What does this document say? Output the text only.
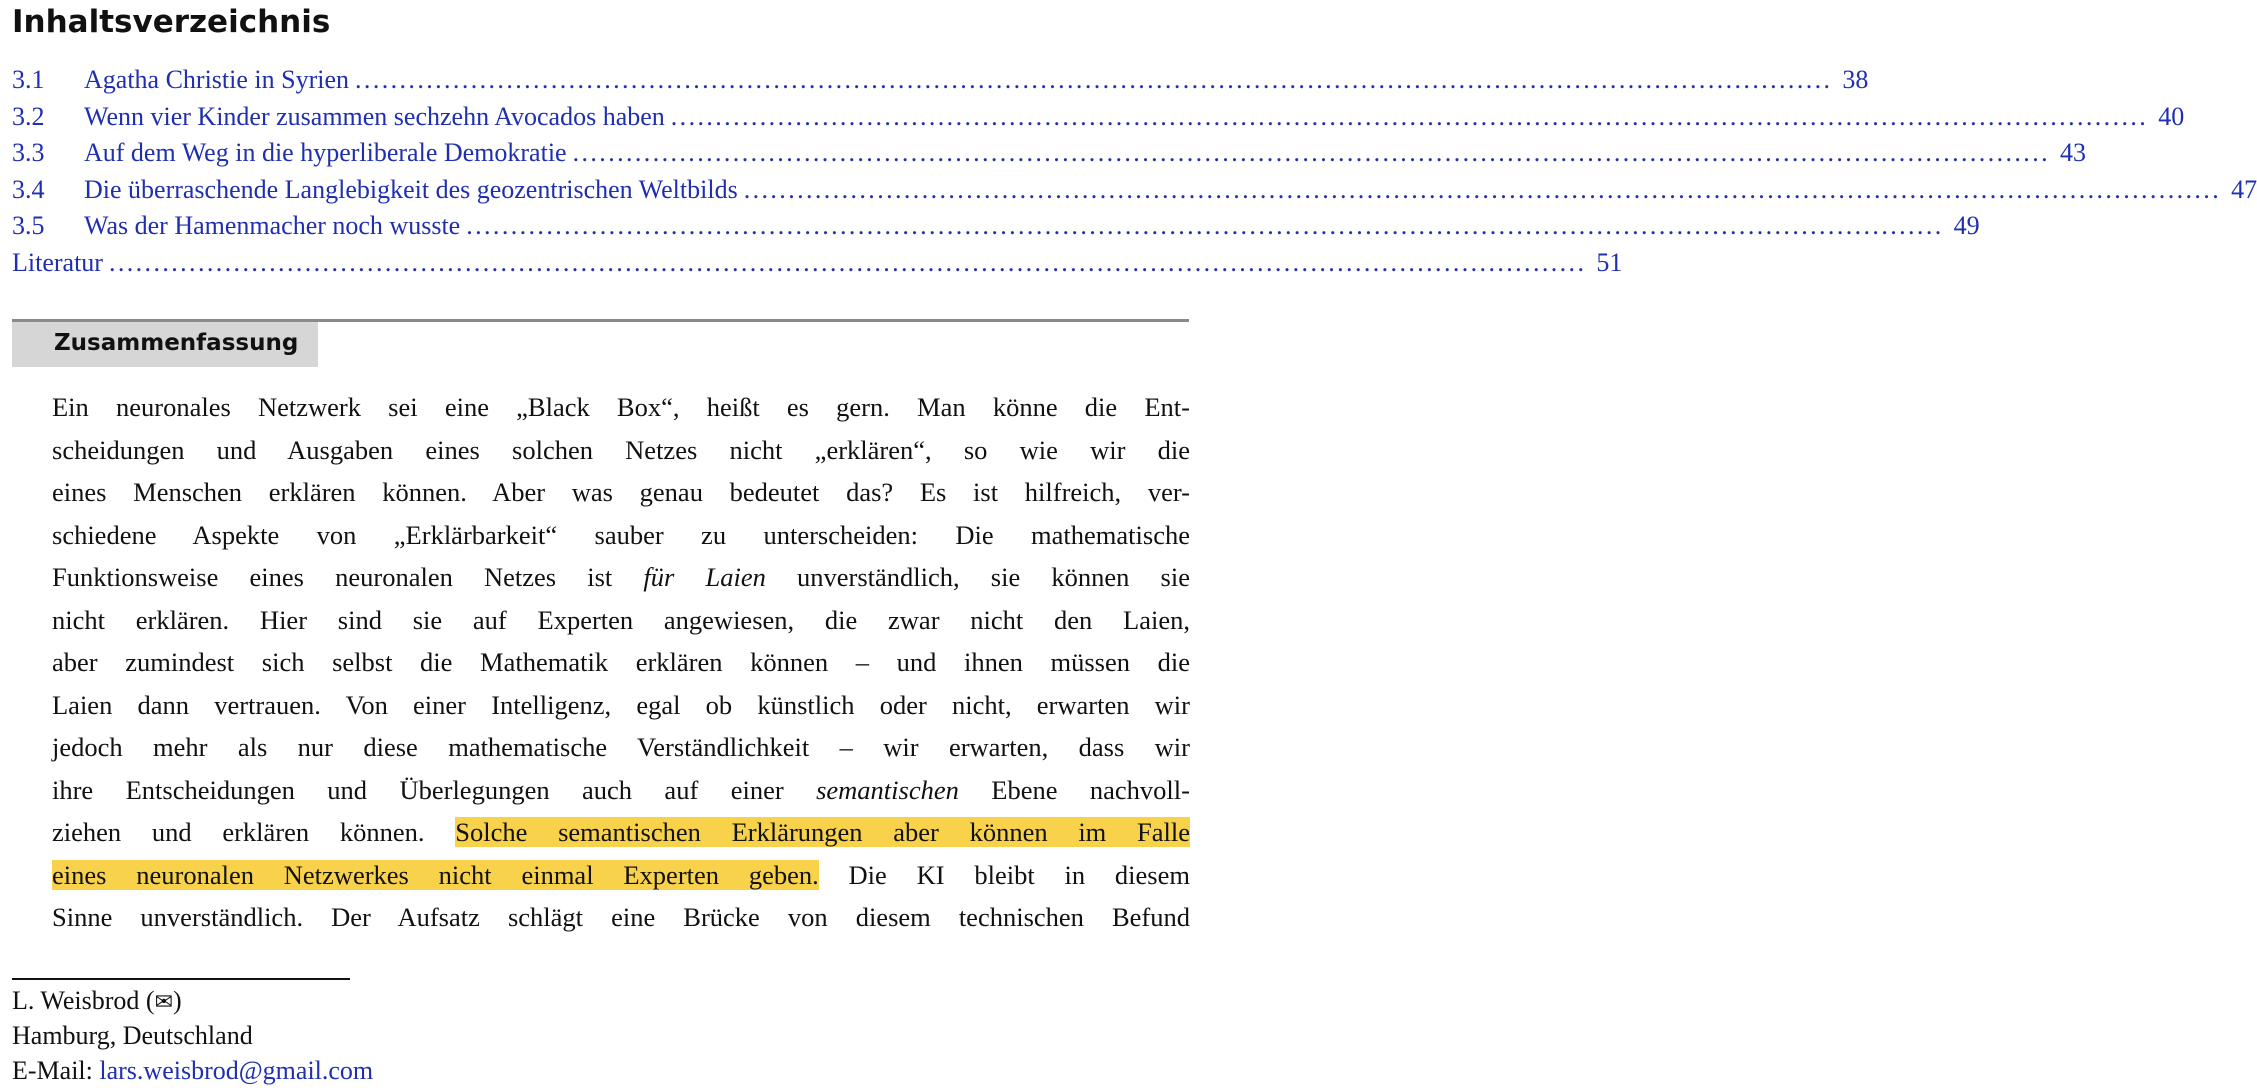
Inhaltsverzeichnis
3.1	Agatha Christie in Syrien ...................................................................................................................................................................... 38
3.2	Wenn vier Kinder zusammen sechzehn Avocados haben ...................................................................................................................................................................... 40
3.3	Auf dem Weg in die hyperliberale Demokratie ...................................................................................................................................................................... 43
3.4	Die überraschende Langlebigkeit des geozentrischen Weltbilds ...................................................................................................................................................................... 47
3.5	Was der Hamenmacher noch wusste ...................................................................................................................................................................... 49
Literatur ...................................................................................................................................................................... 51
Zusammenfassung
Ein neuronales Netzwerk sei eine „Black Box“, heißt es gern. Man könne die Ent-
scheidungen und Ausgaben eines solchen Netzes nicht „erklären“, so wie wir die
eines Menschen erklären können. Aber was genau bedeutet das? Es ist hilfreich, ver-
schiedene Aspekte von „Erklärbarkeit“ sauber zu unterscheiden: Die mathematische
Funktionsweise eines neuronalen Netzes ist für Laien unverständlich, sie können sie
nicht erklären. Hier sind sie auf Experten angewiesen, die zwar nicht den Laien,
aber zumindest sich selbst die Mathematik erklären können – und ihnen müssen die
Laien dann vertrauen. Von einer Intelligenz, egal ob künstlich oder nicht, erwarten wir
jedoch mehr als nur diese mathematische Verständlichkeit – wir erwarten, dass wir
ihre Entscheidungen und Überlegungen auch auf einer semantischen Ebene nachvoll-
ziehen und erklären können. Solche semantischen Erklärungen aber können im Falle
eines neuronalen Netzwerkes nicht einmal Experten geben. Die KI bleibt in diesem
Sinne unverständlich. Der Aufsatz schlägt eine Brücke von diesem technischen Befund
L. Weisbrod (✉)
Hamburg, Deutschland
E-Mail: lars.weisbrod@gmail.com
